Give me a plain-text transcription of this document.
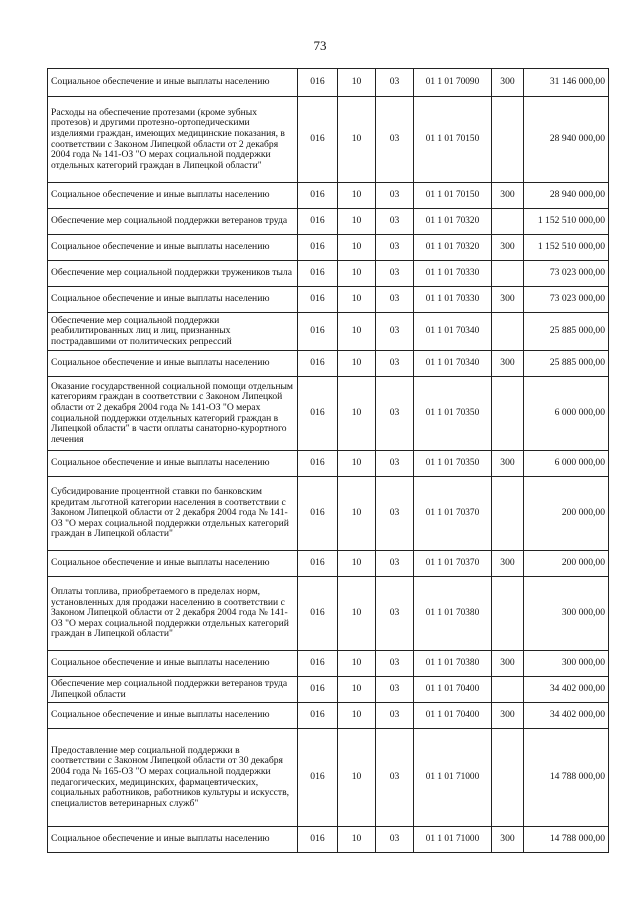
73
Социальное обеспечение и иные выплаты населению	016	10	03	01 1 01 70090	300	31 146 000,00
Расходы на обеспечение протезами (кроме зубных протезов) и другими протезно-ортопедическими изделиями граждан, имеющих медицинские показания, в соответствии с Законом Липецкой области от 2 декабря 2004 года № 141-ОЗ "О мерах социальной поддержки отдельных категорий граждан в Липецкой области"	016	10	03	01 1 01 70150		28 940 000,00
Социальное обеспечение и иные выплаты населению	016	10	03	01 1 01 70150	300	28 940 000,00
Обеспечение мер социальной поддержки ветеранов труда	016	10	03	01 1 01 70320		1 152 510 000,00
Социальное обеспечение и иные выплаты населению	016	10	03	01 1 01 70320	300	1 152 510 000,00
Обеспечение мер социальной поддержки тружеников тыла	016	10	03	01 1 01 70330		73 023 000,00
Социальное обеспечение и иные выплаты населению	016	10	03	01 1 01 70330	300	73 023 000,00
Обеспечение мер социальной поддержки реабилитированных лиц и лиц, признанных пострадавшими от политических репрессий	016	10	03	01 1 01 70340		25 885 000,00
Социальное обеспечение и иные выплаты населению	016	10	03	01 1 01 70340	300	25 885 000,00
Оказание государственной социальной помощи отдельным категориям граждан в соответствии с Законом Липецкой области от 2 декабря 2004 года № 141-ОЗ "О мерах социальной поддержки отдельных категорий граждан в Липецкой области" в части оплаты санаторно-курортного лечения	016	10	03	01 1 01 70350		6 000 000,00
Социальное обеспечение и иные выплаты населению	016	10	03	01 1 01 70350	300	6 000 000,00
Субсидирование процентной ставки по банковским кредитам льготной категории населения в соответствии с Законом Липецкой области от 2 декабря 2004 года № 141-ОЗ "О мерах социальной поддержки отдельных категорий граждан в Липецкой области"	016	10	03	01 1 01 70370		200 000,00
Социальное обеспечение и иные выплаты населению	016	10	03	01 1 01 70370	300	200 000,00
Оплаты топлива, приобретаемого в пределах норм, установленных для продажи населению в соответствии с Законом Липецкой области от 2 декабря 2004 года № 141-ОЗ "О мерах социальной поддержки отдельных категорий граждан в Липецкой области"	016	10	03	01 1 01 70380		300 000,00
Социальное обеспечение и иные выплаты населению	016	10	03	01 1 01 70380	300	300 000,00
Обеспечение мер социальной поддержки ветеранов труда Липецкой области	016	10	03	01 1 01 70400		34 402 000,00
Социальное обеспечение и иные выплаты населению	016	10	03	01 1 01 70400	300	34 402 000,00
Предоставление мер социальной поддержки в соответствии с Законом Липецкой области от 30 декабря 2004 года № 165-ОЗ "О мерах социальной поддержки педагогических, медицинских, фармацевтических, социальных работников, работников культуры и искусств, специалистов ветеринарных служб"	016	10	03	01 1 01 71000		14 788 000,00
Социальное обеспечение и иные выплаты населению	016	10	03	01 1 01 71000	300	14 788 000,00
